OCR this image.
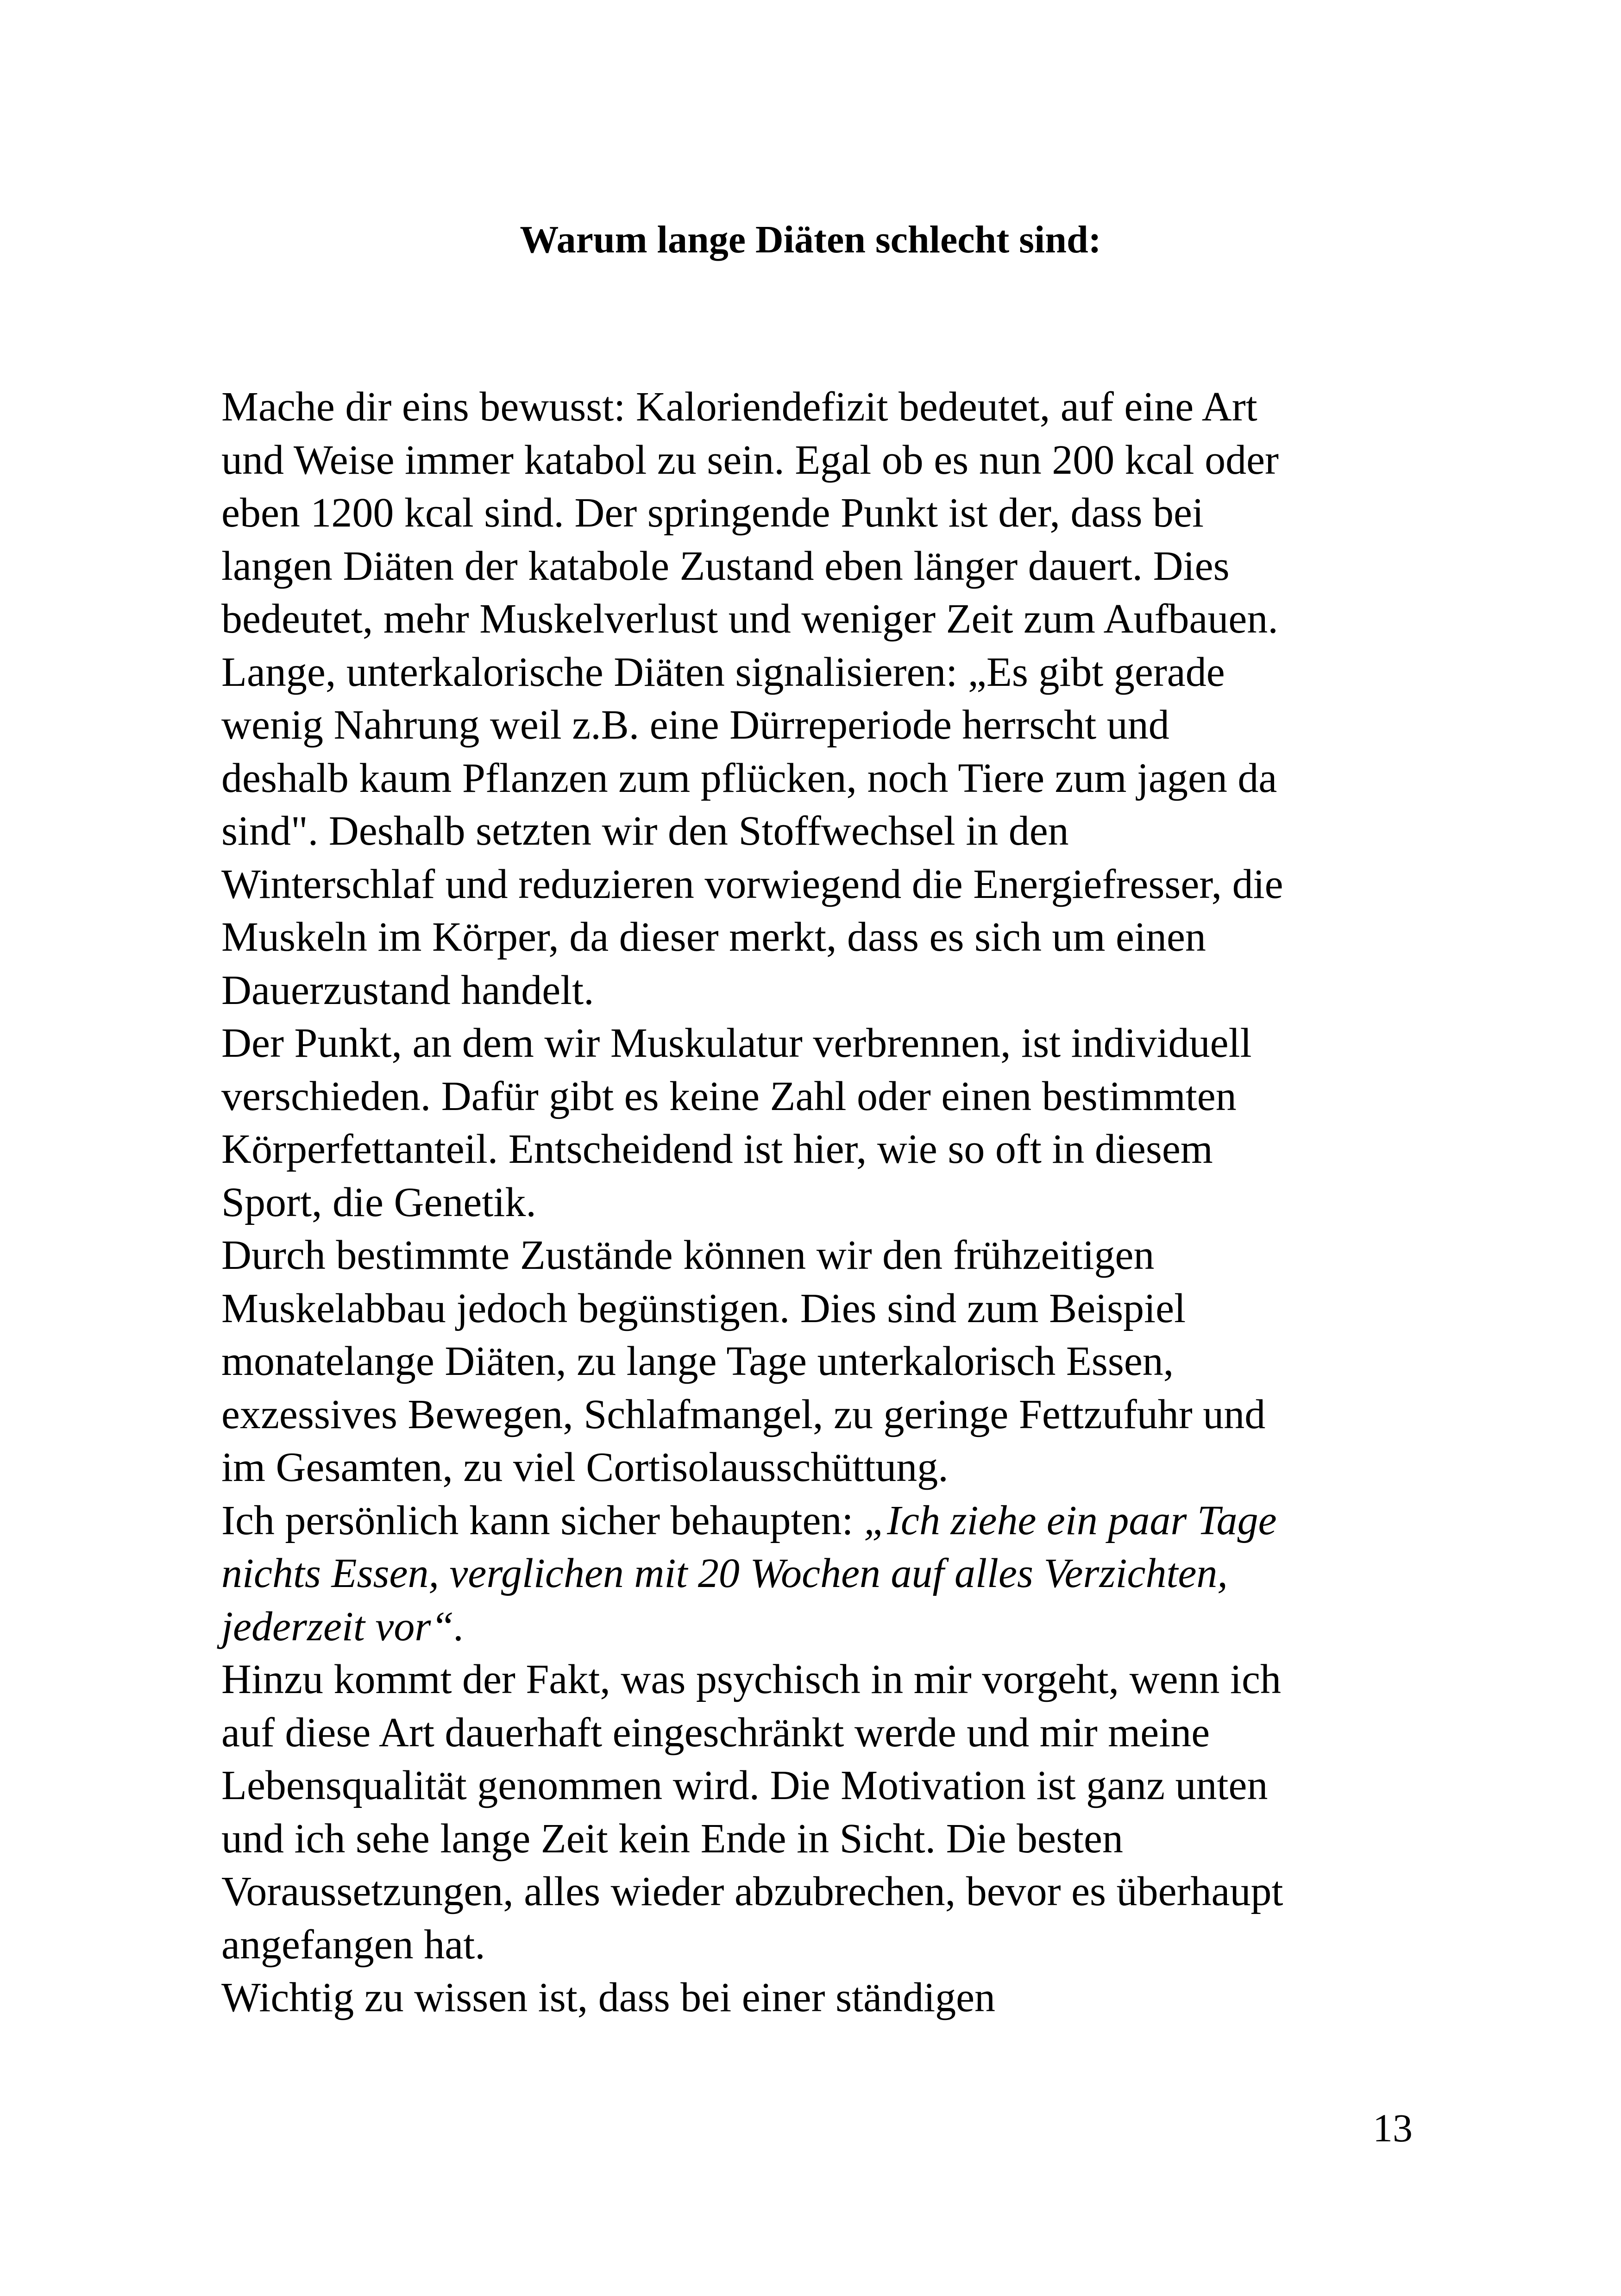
Warum lange Diäten schlecht sind:
Mache dir eins bewusst: Kaloriendefizit bedeutet, auf eine Art
und Weise immer katabol zu sein. Egal ob es nun 200 kcal oder
eben 1200 kcal sind. Der springende Punkt ist der, dass bei
langen Diäten der katabole Zustand eben länger dauert. Dies
bedeutet, mehr Muskelverlust und weniger Zeit zum Aufbauen.
Lange, unterkalorische Diäten signalisieren: „Es gibt gerade
wenig Nahrung weil z.B. eine Dürreperiode herrscht und
deshalb kaum Pflanzen zum pflücken, noch Tiere zum jagen da
sind". Deshalb setzten wir den Stoffwechsel in den
Winterschlaf und reduzieren vorwiegend die Energiefresser, die
Muskeln im Körper, da dieser merkt, dass es sich um einen
Dauerzustand handelt.
Der Punkt, an dem wir Muskulatur verbrennen, ist individuell
verschieden. Dafür gibt es keine Zahl oder einen bestimmten
Körperfettanteil. Entscheidend ist hier, wie so oft in diesem
Sport, die Genetik.
Durch bestimmte Zustände können wir den frühzeitigen
Muskelabbau jedoch begünstigen. Dies sind zum Beispiel
monatelange Diäten, zu lange Tage unterkalorisch Essen,
exzessives Bewegen, Schlafmangel, zu geringe Fettzufuhr und
im Gesamten, zu viel Cortisolausschüttung.
Ich persönlich kann sicher behaupten: „Ich ziehe ein paar Tage
nichts Essen, verglichen mit 20 Wochen auf alles Verzichten,
jederzeit vor“.
Hinzu kommt der Fakt, was psychisch in mir vorgeht, wenn ich
auf diese Art dauerhaft eingeschränkt werde und mir meine
Lebensqualität genommen wird. Die Motivation ist ganz unten
und ich sehe lange Zeit kein Ende in Sicht. Die besten
Voraussetzungen, alles wieder abzubrechen, bevor es überhaupt
angefangen hat.
Wichtig zu wissen ist, dass bei einer ständigen
13
